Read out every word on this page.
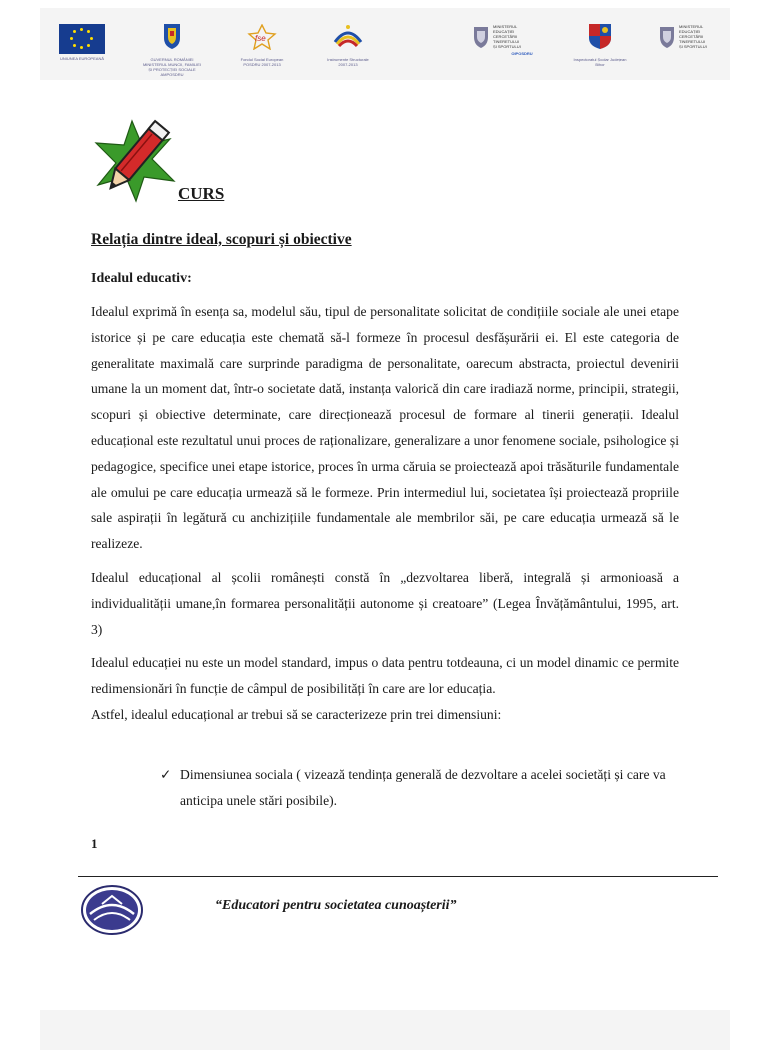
UNIUNEA EUROPEANĂ	GUVERNUL ROMÂNIEI
MINISTERUL MUNCII, FAMILIEI
ȘI PROTECȚIEI SOCIALE
AMPOSDRU
fse
Fondul Social European
POSDRU 2007-2013
Instrumente Structurale
2007-2013
MINISTERUL
EDUCAȚIEI
CERCETĂRII
TINERETULUI
ȘI SPORTULUI
OIPOSDRU
Inspectoratul Școlar Județean
Bihor
MINISTERUL
EDUCAȚIEI
CERCETĂRII
TINERETULUI
ȘI SPORTULUI
CURS
Relația dintre ideal, scopuri și obiective
Idealul educativ:

Idealul exprimă în esența sa, modelul său, tipul de personalitate solicitat de condițiile sociale ale unei etape istorice și pe care educația este chemată să-l formeze în procesul desfășurării ei. El este categoria de generalitate maximală care surprinde paradigma de personalitate, oarecum abstracta, proiectul devenirii umane la un moment dat, într-o societate dată, instanța valorică din care iradiază norme, principii, strategii, scopuri și obiective determinate, care direcționează procesul de formare al tinerii generații. Idealul educațional este rezultatul unui proces de raționalizare, generalizare a unor fenomene sociale, psihologice și pedagogice, specifice unei etape istorice, proces în urma căruia se proiectează apoi trăsăturile fundamentale ale omului pe care educația urmează să le formeze. Prin intermediul lui, societatea își proiectează propriile sale aspirații în legătură cu anchizițiile fundamentale ale membrilor săi, pe care educația urmează să le realizeze.

Idealul educațional al școlii românești constă în „dezvoltarea liberă, integrală și armonioasă a individualității umane,în formarea personalității autonome și creatoare” (Legea Învățământului, 1995, art. 3)

Idealul educației nu este un model standard, impus o data pentru totdeauna, ci un model dinamic ce permite redimensionări în funcție de câmpul de posibilități în care are lor educația.

Astfel, idealul educațional ar trebui să se caracterizeze prin trei dimensiuni:

✓ Dimensiunea sociala ( vizează tendința generală de dezvoltare a acelei societăți și care va anticipa unele stări posibile).
1
“Educatori pentru societatea cunoașterii”
